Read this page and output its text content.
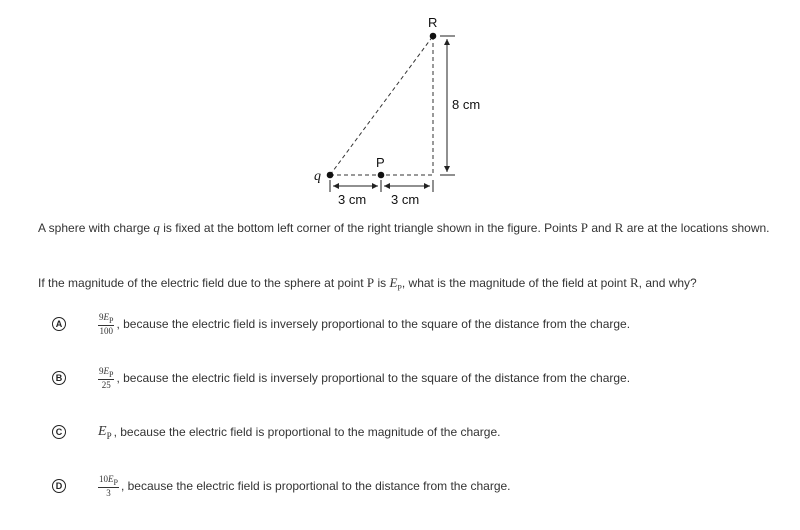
q
P
R
3 cm 3 cm
8 cm
A sphere with charge q is fixed at the bottom left corner of the right triangle shown in the figure. Points P and R are at the locations shown.
If the magnitude of the electric field due to the sphere at point P is $E_P$, what is the magnitude of the field at point R, and why?
A	$\frac{9E_P}{100}$ , because the electric field is inversely proportional to the square of the distance from the charge.
B	$\frac{9E_P}{25}$ , because the electric field is inversely proportional to the square of the distance from the charge.
C	$E_P$ , because the electric field is proportional to the magnitude of the charge.
D	$\frac{10E_P}{3}$ , because the electric field is proportional to the distance from the charge.
